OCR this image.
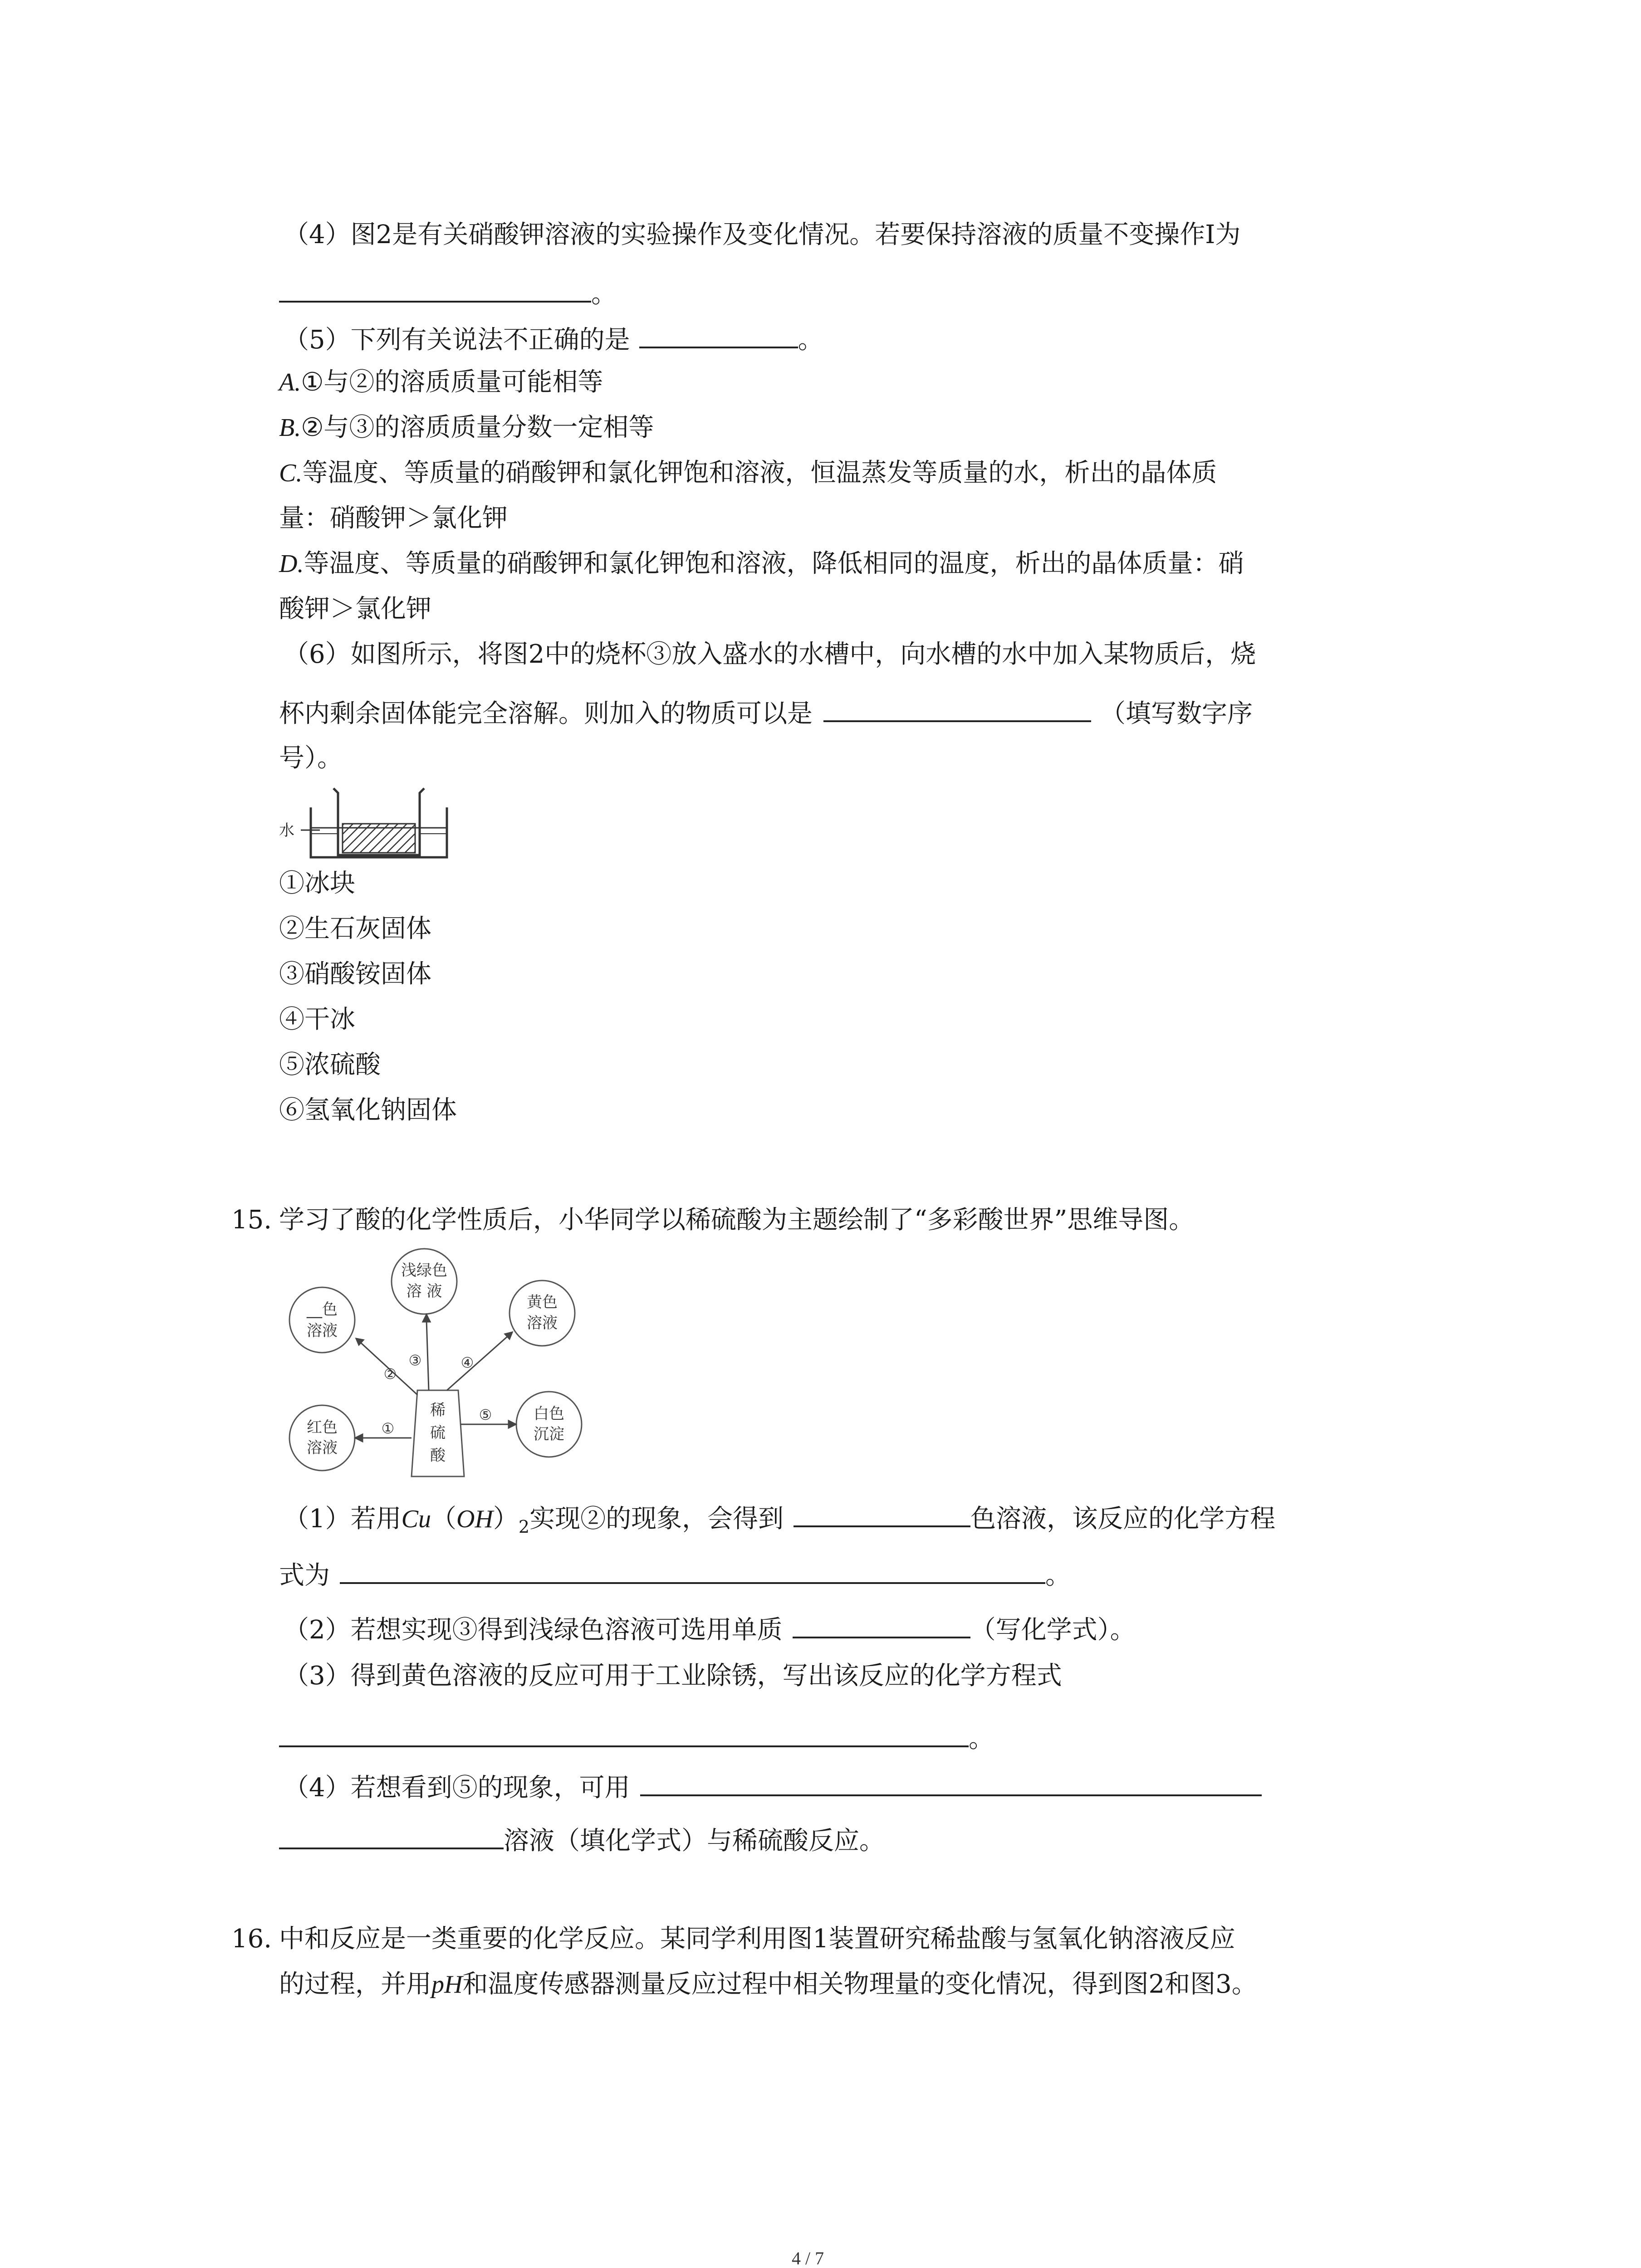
（4）图2是有关硝酸钾溶液的实验操作及变化情况。若要保持溶液的质量不变操作Ⅰ为
。
（5）下列有关说法不正确的是	。
A.①与②的溶质质量可能相等
B.②与③的溶质质量分数一定相等
C.等温度、等质量的硝酸钾和氯化钾饱和溶液，恒温蒸发等质量的水，析出的晶体质
量：硝酸钾＞氯化钾
D.等温度、等质量的硝酸钾和氯化钾饱和溶液，降低相同的温度，析出的晶体质量：硝
酸钾＞氯化钾
（6）如图所示，将图2中的烧杯③放入盛水的水槽中，向水槽的水中加入某物质后，烧
杯内剩余固体能完全溶解。则加入的物质可以是	（填写数字序
号）。
水
①冰块
②生石灰固体
③硝酸铵固体
④干冰
⑤浓硫酸
⑥氢氧化钠固体
15. 学习了酸的化学性质后，小华同学以稀硫酸为主题绘制了“多彩酸世界”思维导图。
__色
溶液
浅绿色
溶 液
黄色
溶液
红色
溶液
白色
沉淀
稀
硫
酸
①
②
③	④
⑤
（1）若用$Cu(OH)_2$实现②的现象，会得到	色溶液，该反应的化学方程
式为	。
（2）若想实现③得到浅绿色溶液可选用单质	（写化学式）。
（3）得到黄色溶液的反应可用于工业除锈，写出该反应的化学方程式
。
（4）若想看到⑤的现象，可用
溶液（填化学式）与稀硫酸反应。
16. 中和反应是一类重要的化学反应。某同学利用图1装置研究稀盐酸与氢氧化钠溶液反应
的过程，并用pH和温度传感器测量反应过程中相关物理量的变化情况，得到图2和图3。
4 / 7
